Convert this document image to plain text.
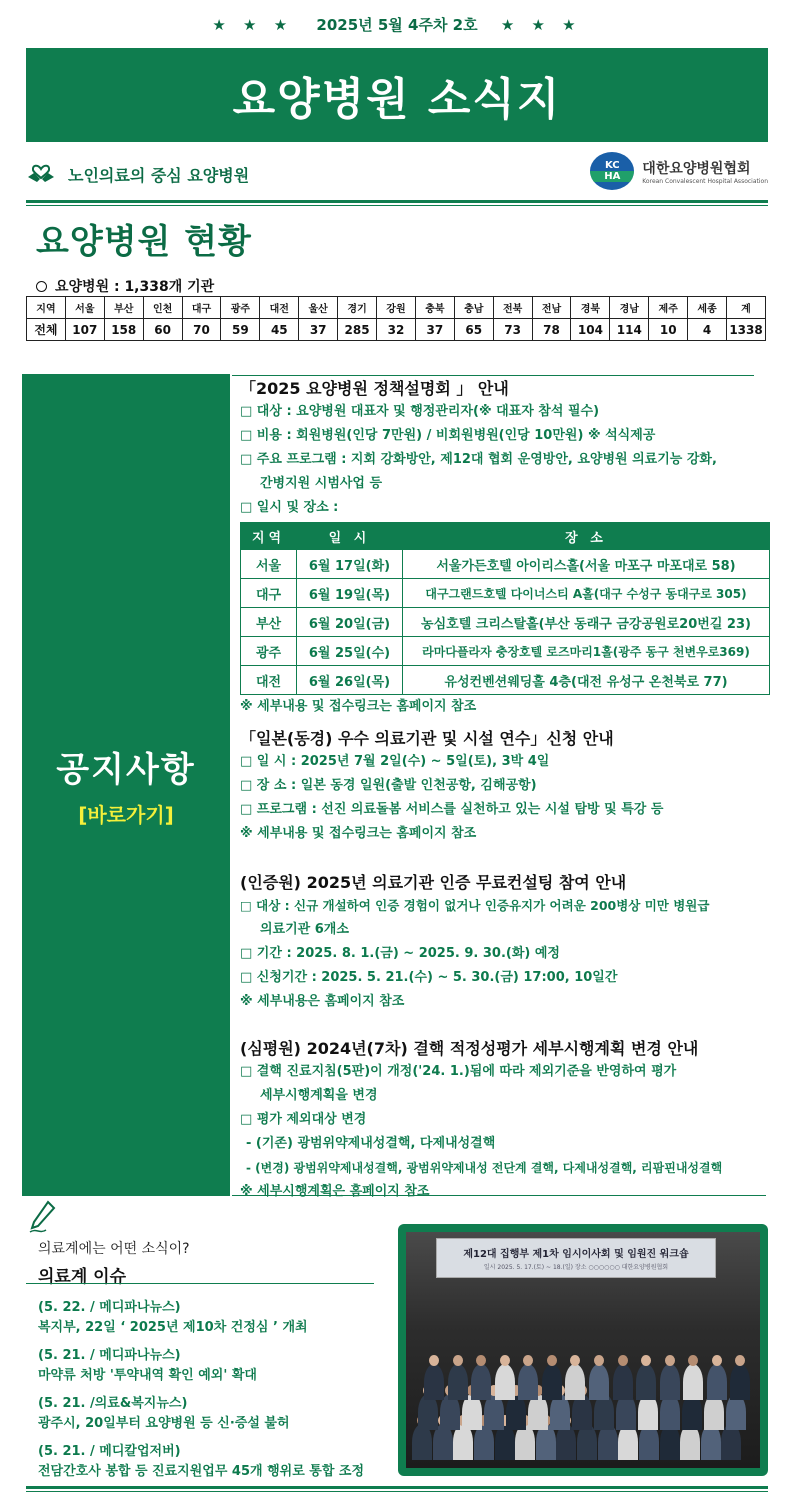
★ ★ ★ 2025년 5월 4주차 2호 ★ ★ ★
요양병원 소식지
노인의료의 중심 요양병원	KC
HA	대한요양병원협회
Korean Convalescent Hospital Association
요양병원 현황
요양병원 : 1,338개 기관
지역	서울	부산	인천	대구	광주	대전	울산	경기	강원	충북	충남	전북	전남	경북	경남	제주	세종	계
전체	107	158	60	70	59	45	37	285	32	37	65	73	78	104	114	10	4	1338
공지사항
[바로가기]
「2025 요양병원 정책설명회 」 안내
□ 대상 : 요양병원 대표자 및 행정관리자(※ 대표자 참석 필수)
□ 비용 : 회원병원(인당 7만원) / 비회원병원(인당 10만원) ※ 석식제공
□ 주요 프로그램 : 지회 강화방안, 제12대 협회 운영방안, 요양병원 의료기능 강화,
간병지원 시범사업 등
□ 일시 및 장소 :
지역	일 시	장 소
서울	6월 17일(화)	서울가든호텔 아이리스홀(서울 마포구 마포대로 58)
대구	6월 19일(목)	대구그랜드호텔 다이너스티 A홀(대구 수성구 동대구로 305)
부산	6월 20일(금)	농심호텔 크리스탈홀(부산 동래구 금강공원로20번길 23)
광주	6월 25일(수)	라마다플라자 충장호텔 로즈마리1홀(광주 동구 천변우로369)
대전	6월 26일(목)	유성컨벤션웨딩홀 4층(대전 유성구 온천북로 77)
※ 세부내용 및 접수링크는 홈페이지 참조
「일본(동경) 우수 의료기관 및 시설 연수」신청 안내
□ 일 시 : 2025년 7월 2일(수) ~ 5일(토), 3박 4일
□ 장 소 : 일본 동경 일원(출발 인천공항, 김해공항)
□ 프로그램 : 선진 의료돌봄 서비스를 실천하고 있는 시설 탐방 및 특강 등
※ 세부내용 및 접수링크는 홈페이지 참조
(인증원) 2025년 의료기관 인증 무료컨설팅 참여 안내
□ 대상 : 신규 개설하여 인증 경험이 없거나 인증유지가 어려운 200병상 미만 병원급
의료기관 6개소
□ 기간 : 2025. 8. 1.(금) ~ 2025. 9. 30.(화) 예정
□ 신청기간 : 2025. 5. 21.(수) ~ 5. 30.(금) 17:00, 10일간
※ 세부내용은 홈페이지 참조
(심평원) 2024년(7차) 결핵 적정성평가 세부시행계획 변경 안내
□ 결핵 진료지침(5판)이 개정('24. 1.)됨에 따라 제외기준을 반영하여 평가
세부시행계획을 변경
□ 평가 제외대상 변경
- (기존) 광범위약제내성결핵, 다제내성결핵
- (변경) 광범위약제내성결핵, 광범위약제내성 전단계 결핵, 다제내성결핵, 리팜핀내성결핵
※ 세부시행계획은 홈페이지 참조
의료계에는 어떤 소식이?
의료계 이슈
(5. 22. / 메디파나뉴스)
복지부, 22일 ‘ 2025년 제10차 건정심 ’ 개최
(5. 21. / 메디파나뉴스)
마약류 처방 '투약내역 확인 예외' 확대
(5. 21. /의료&복지뉴스)
광주시, 20일부터 요양병원 등 신·증설 불허
(5. 21. / 메디칼업저버)
전담간호사 봉합 등 진료지원업무 45개 행위로 통합 조정
제12대 집행부 제1차 임시이사회 및 임원진 워크숍
일시 2025. 5. 17.(토) ~ 18.(일) 장소 ○○○○○○ 대한요양병원협회
